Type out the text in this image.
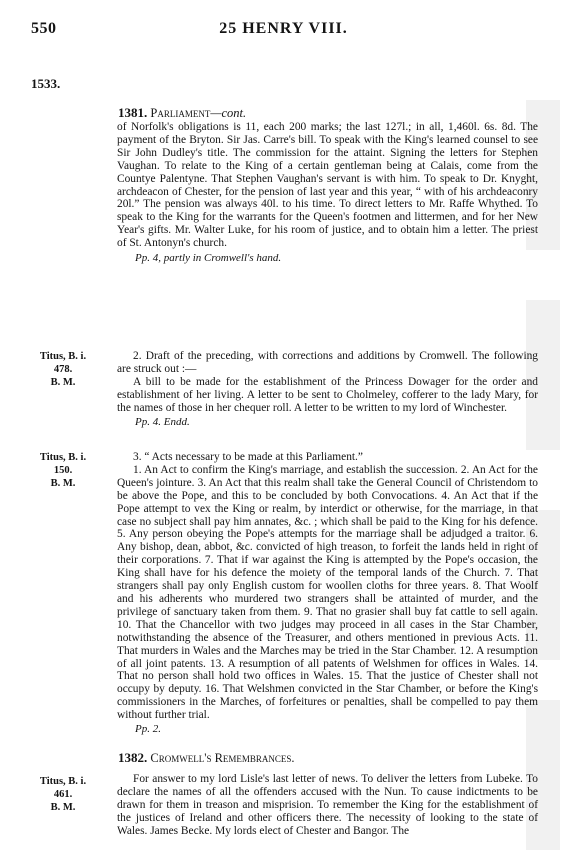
550	25 HENRY VIII.
1533.
1381. Parliament—cont.

of Norfolk's obligations is 11, each 200 marks; the last 127l.; in all, 1,460l. 6s. 8d. The payment of the Bryton. Sir Jas. Carre's bill. To speak with the King's learned counsel to see Sir John Dudley's title. The commission for the attaint. Signing the letters for Stephen Vaughan. To relate to the King of a certain gentleman being at Calais, come from the Countye Palentyne. That Stephen Vaughan's servant is with him. To speak to Dr. Knyght, archdeacon of Chester, for the pension of last year and this year, “ with of his archdeaconry 20l.” The pension was always 40l. to his time. To direct letters to Mr. Raffe Whythed. To speak to the King for the warrants for the Queen's footmen and littermen, and for her New Year's gifts. Mr. Walter Luke, for his room of justice, and to obtain him a letter. The priest of St. Antonyn's church.

Pp. 4, partly in Cromwell's hand.

Titus, B. i.
478.
B. M.

2. Draft of the preceding, with corrections and additions by Cromwell. The following are struck out :—

A bill to be made for the establishment of the Princess Dowager for the order and establishment of her living. A letter to be sent to Cholmeley, cofferer to the lady Mary, for the names of those in her chequer roll. A letter to be written to my lord of Winchester.

Pp. 4. Endd.

Titus, B. i.
150.
B. M.

3. “ Acts necessary to be made at this Parliament.”

1. An Act to confirm the King's marriage, and establish the succession. 2. An Act for the Queen's jointure. 3. An Act that this realm shall take the General Council of Christendom to be above the Pope, and this to be concluded by both Convocations. 4. An Act that if the Pope attempt to vex the King or realm, by interdict or otherwise, for the marriage, in that case no subject shall pay him annates, &c. ; which shall be paid to the King for his defence. 5. Any person obeying the Pope's attempts for the marriage shall be adjudged a traitor. 6. Any bishop, dean, abbot, &c. convicted of high treason, to forfeit the lands held in right of their corporations. 7. That if war against the King is attempted by the Pope's occasion, the King shall have for his defence the moiety of the temporal lands of the Church. 7. That strangers shall pay only English custom for woollen cloths for three years. 8. That Woolf and his adherents who murdered two strangers shall be attainted of murder, and the privilege of sanctuary taken from them. 9. That no grasier shall buy fat cattle to sell again. 10. That the Chancellor with two judges may proceed in all cases in the Star Chamber, notwithstanding the absence of the Treasurer, and others mentioned in previous Acts. 11. That murders in Wales and the Marches may be tried in the Star Chamber. 12. A resumption of all joint patents. 13. A resumption of all patents of Welshmen for offices in Wales. 14. That no person shall hold two offices in Wales. 15. That the justice of Chester shall not occupy by deputy. 16. That Welshmen convicted in the Star Chamber, or before the King's commissioners in the Marches, of forfeitures or penalties, shall be compelled to pay them without further trial.

Pp. 2.

1382. Cromwell's Remembrances.
Titus, B. i.
461.
B. M.

For answer to my lord Lisle's last letter of news. To deliver the letters from Lubeke. To declare the names of all the offenders accused with the Nun. To cause indictments to be drawn for them in treason and misprision. To remember the King for the establishment of the justices of Ireland and other officers there. The necessity of looking to the state of Wales. James Becke. My lords elect of Chester and Bangor. The
